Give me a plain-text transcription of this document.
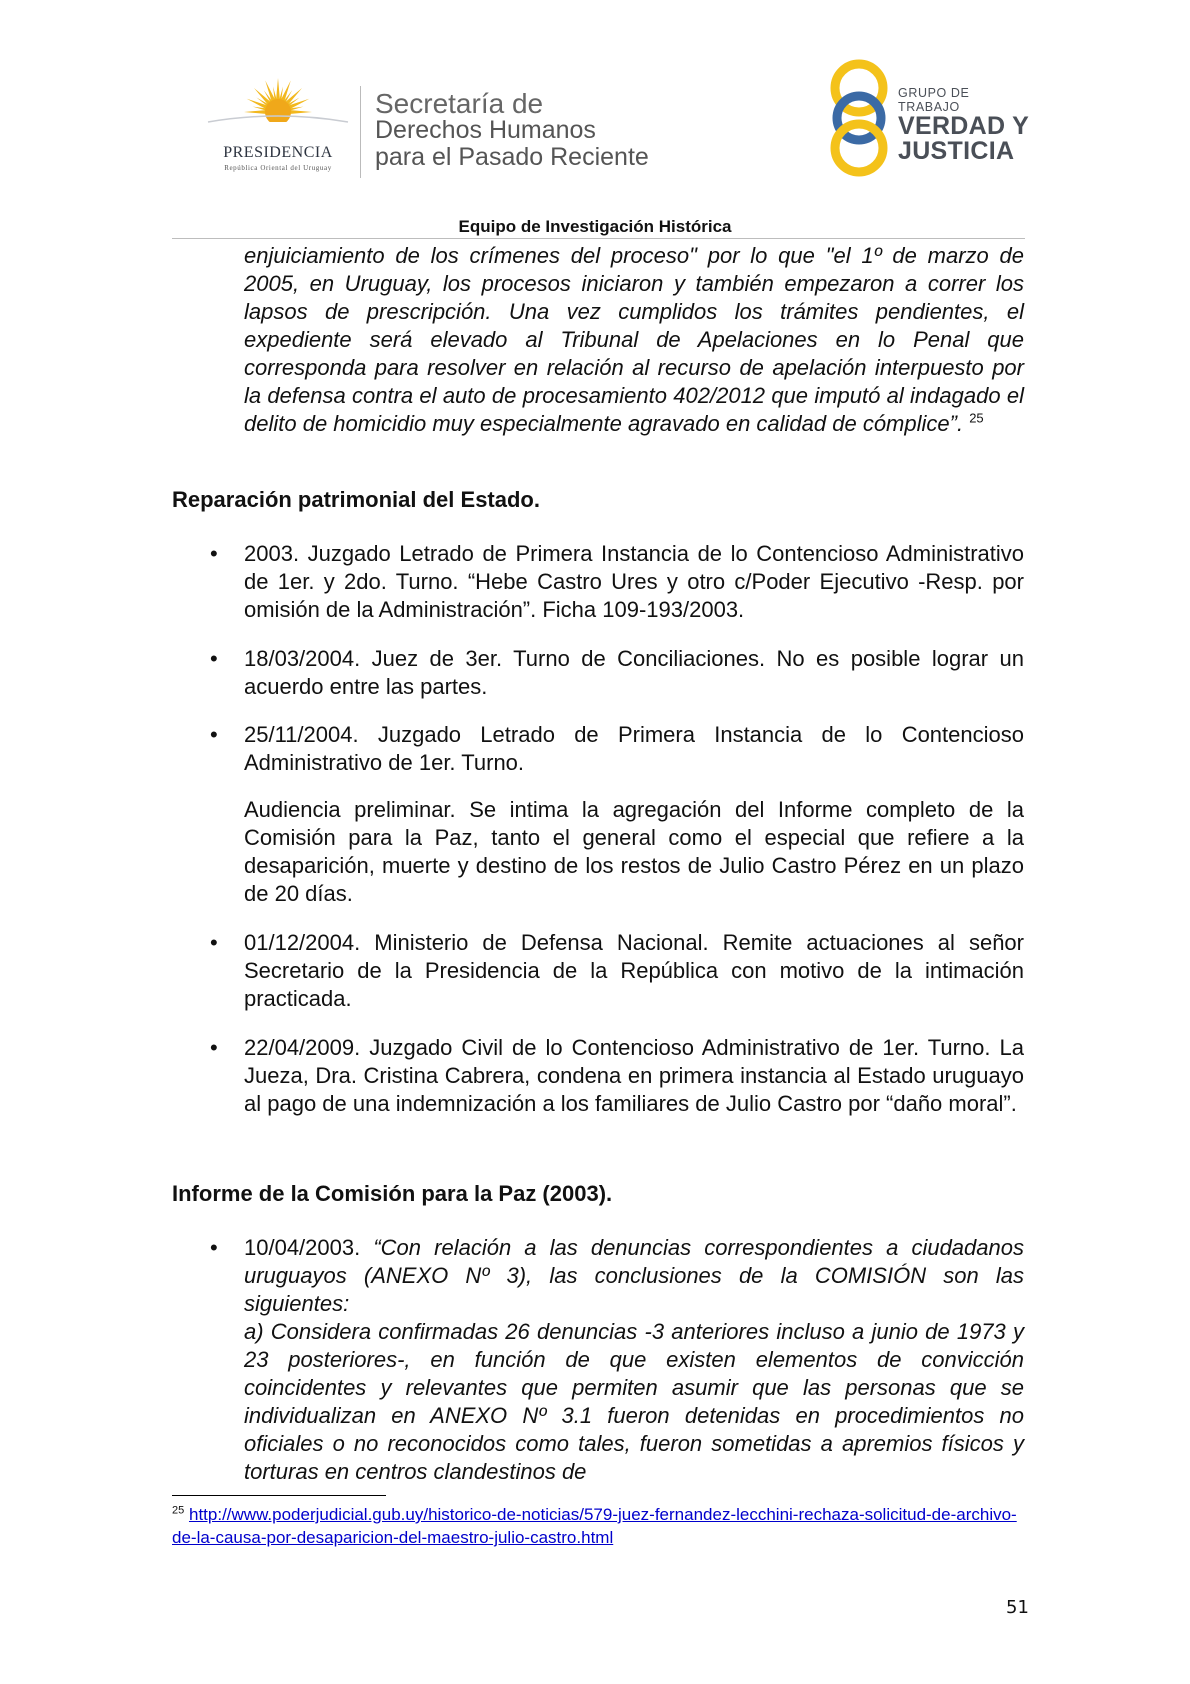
PRESIDENCIA
República Oriental del Uruguay
Secretaría de
Derechos Humanos
para el Pasado Reciente
GRUPO DE TRABAJO
VERDAD Y
JUSTICIA
Equipo de Investigación Histórica
enjuiciamiento de los crímenes del proceso" por lo que "el 1º de marzo de 2005, en Uruguay, los procesos iniciaron y también empezaron a correr los lapsos de prescripción. Una vez cumplidos los trámites pendientes, el expediente será elevado al Tribunal de Apelaciones en lo Penal que corresponda para resolver en relación al recurso de apelación interpuesto por la defensa contra el auto de procesamiento 402/2012 que imputó al indagado el delito de homicidio muy especialmente agravado en calidad de cómplice”. $^{25}$
Reparación patrimonial del Estado.
• 2003. Juzgado Letrado de Primera Instancia de lo Contencioso Administrativo de 1er. y 2do. Turno. “Hebe Castro Ures y otro c/Poder Ejecutivo -Resp. por omisión de la Administración”. Ficha 109-193/2003.
• 18/03/2004. Juez de 3er. Turno de Conciliaciones. No es posible lograr un acuerdo entre las partes.
• 25/11/2004. Juzgado Letrado de Primera Instancia de lo Contencioso Administrativo de 1er. Turno.
Audiencia preliminar. Se intima la agregación del Informe completo de la Comisión para la Paz, tanto el general como el especial que refiere a la desaparición, muerte y destino de los restos de Julio Castro Pérez en un plazo de 20 días.
• 01/12/2004. Ministerio de Defensa Nacional. Remite actuaciones al señor Secretario de la Presidencia de la República con motivo de la intimación practicada.
• 22/04/2009. Juzgado Civil de lo Contencioso Administrativo de 1er. Turno. La Jueza, Dra. Cristina Cabrera, condena en primera instancia al Estado uruguayo al pago de una indemnización a los familiares de Julio Castro por “daño moral”.
Informe de la Comisión para la Paz (2003).
• 10/04/2003. “Con relación a las denuncias correspondientes a ciudadanos uruguayos (ANEXO Nº 3), las conclusiones de la COMISIÓN son las siguientes:
a) Considera confirmadas 26 denuncias -3 anteriores incluso a junio de 1973 y 23 posteriores-, en función de que existen elementos de convicción coincidentes y relevantes que permiten asumir que las personas que se individualizan en ANEXO Nº 3.1 fueron detenidas en procedimientos no oficiales o no reconocidos como tales, fueron sometidas a apremios físicos y torturas en centros clandestinos de
$^{25}$ http://www.poderjudicial.gub.uy/historico-de-noticias/579-juez-fernandez-lecchini-rechaza-solicitud-de-archivo-de-la-causa-por-desaparicion-del-maestro-julio-castro.html
51
